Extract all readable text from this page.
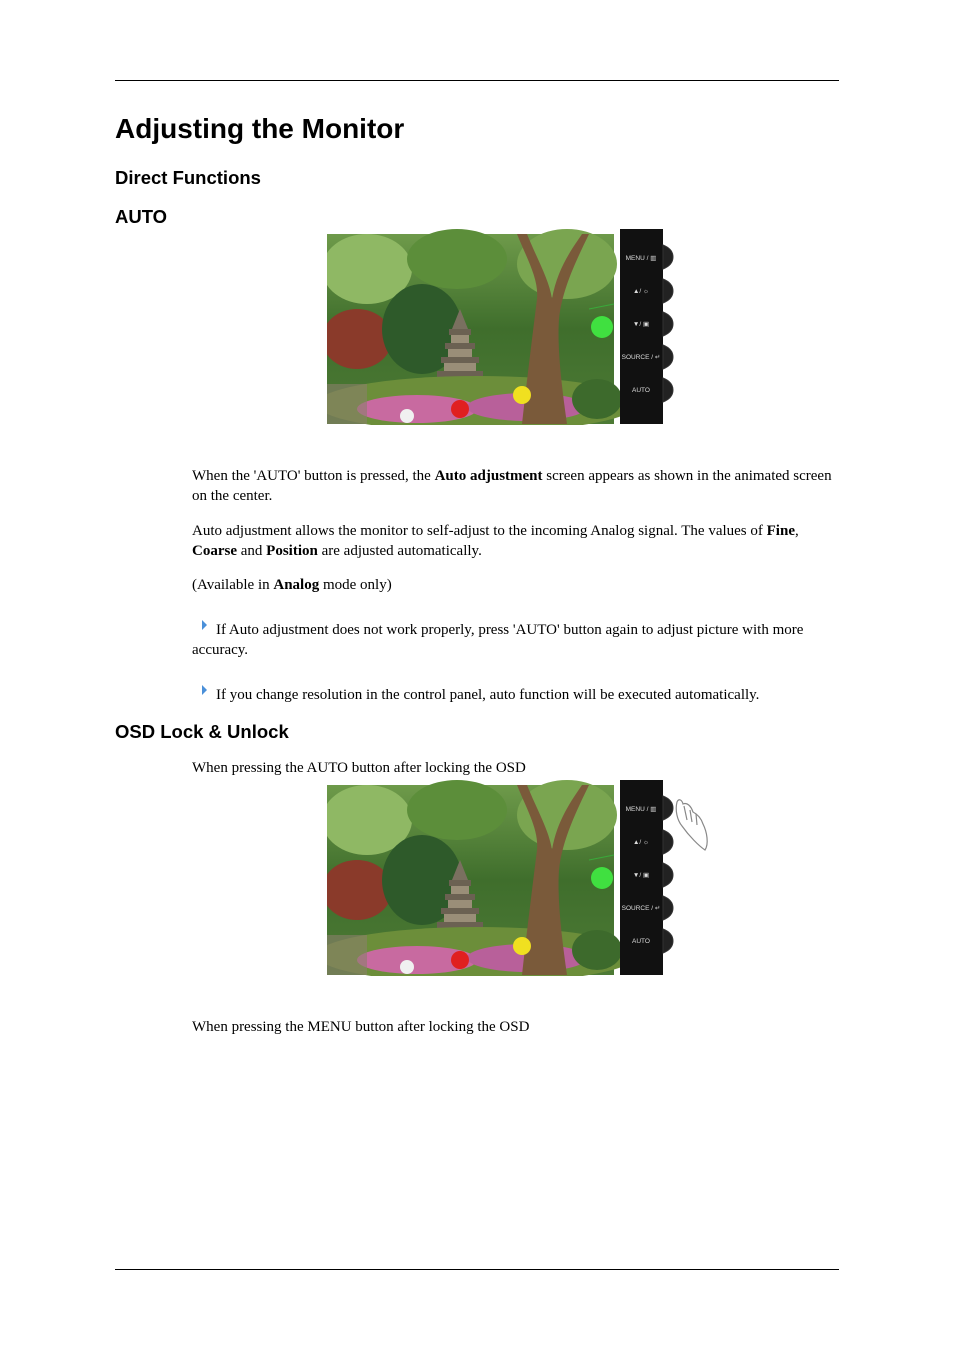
Adjusting the Monitor
Direct Functions
AUTO
MENU / ▥
▲/ ☼
▼/ ▣
SOURCE / ↵
AUTO

When the 'AUTO' button is pressed, the Auto adjustment screen appears as shown in the animated screen on the center.

Auto adjustment allows the monitor to self-adjust to the incoming Analog signal. The values of Fine, Coarse and Position are adjusted automatically.

(Available in Analog mode only)

If Auto adjustment does not work properly, press 'AUTO' button again to adjust picture with more accuracy.

If you change resolution in the control panel, auto function will be executed automatically.

OSD Lock & Unlock

When pressing the AUTO button after locking the OSD

MENU / ▥
▲/ ☼
▼/ ▣
SOURCE / ↵
AUTO

When pressing the MENU button after locking the OSD
